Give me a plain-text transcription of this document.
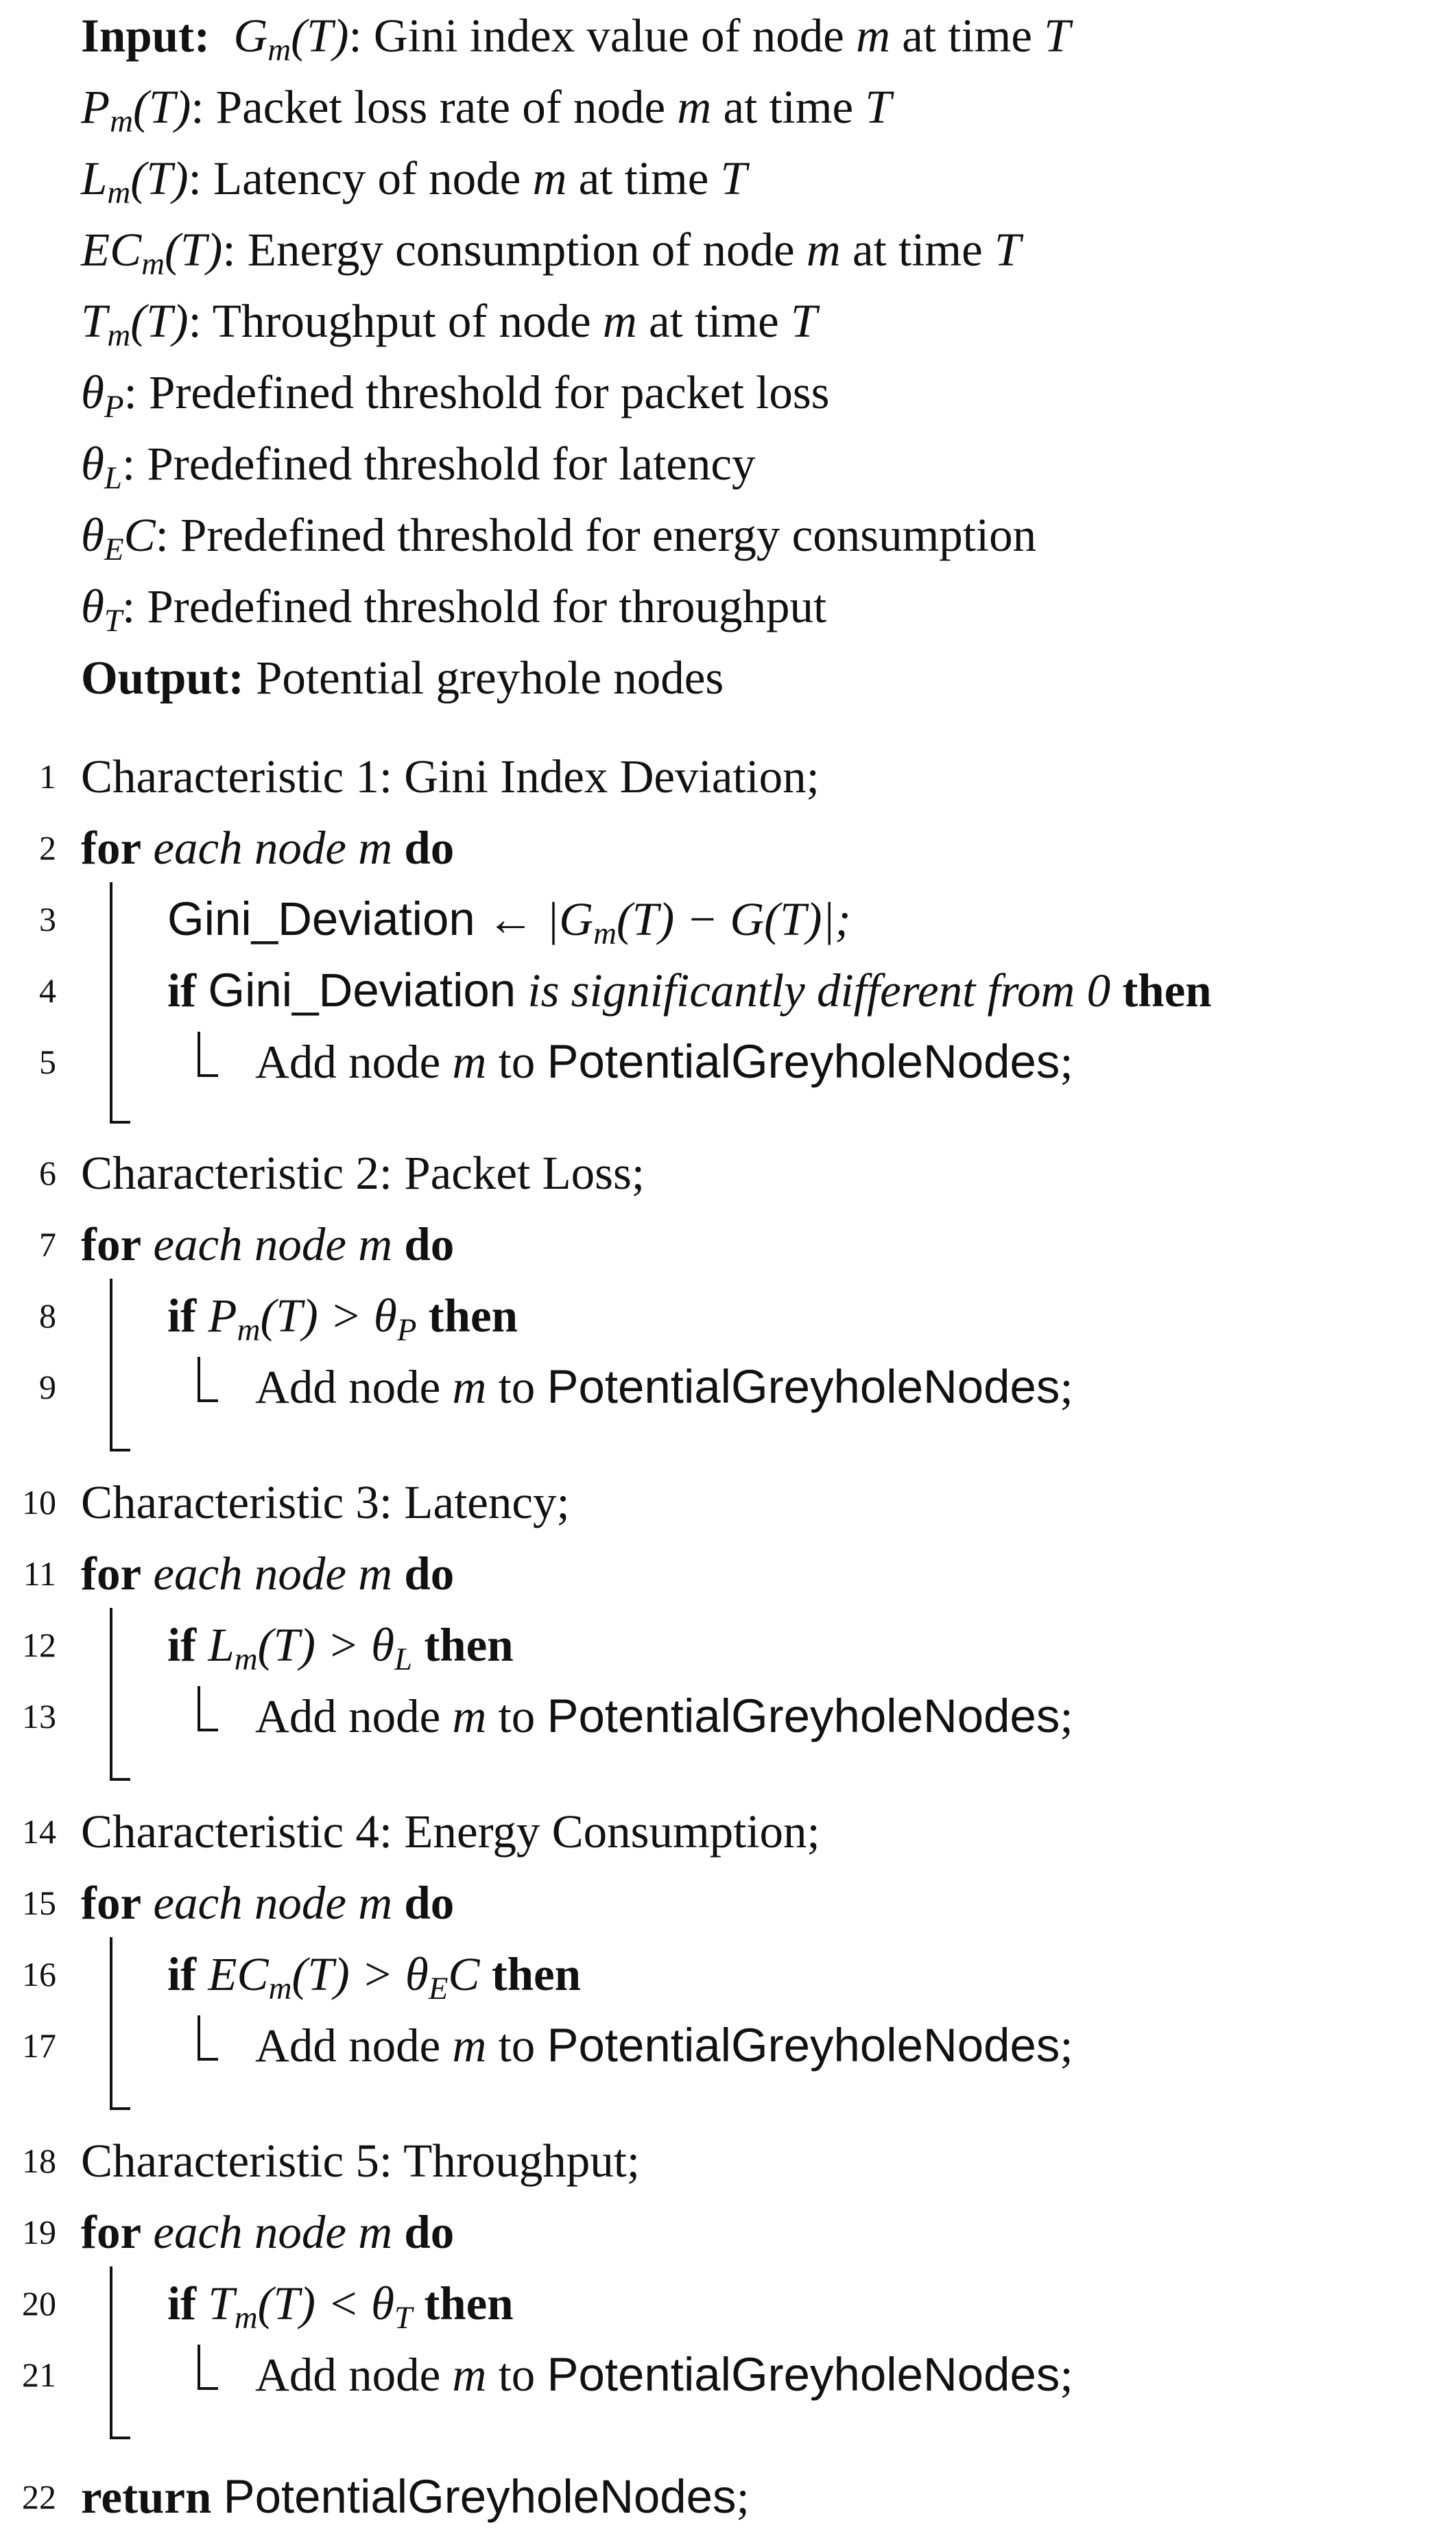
Input: $G_m(T)$: Gini index value of node m at time T
$P_m(T)$: Packet loss rate of node m at time T
$L_m(T)$: Latency of node m at time T
$EC_m(T)$: Energy consumption of node m at time T
$T_m(T)$: Throughput of node m at time T
$\theta_P$: Predefined threshold for packet loss
$\theta_L$: Predefined threshold for latency
$\theta_EC$: Predefined threshold for energy consumption
$\theta_T$: Predefined threshold for throughput
Output: Potential greyhole nodes
1 Characteristic 1: Gini Index Deviation;
2 for each node m do
3 Gini_Deviation ← $|G_m(T) - G(T)|$;
4 if Gini_Deviation is significantly different from 0 then
5	Add node m to PotentialGreyholeNodes;
6 Characteristic 2: Packet Loss;
7 for each node m do
8 if $P_m(T) > \theta_P$ then
9	Add node m to PotentialGreyholeNodes;
10 Characteristic 3: Latency;
11 for each node m do
12 if $L_m(T) > \theta_L$ then
13	Add node m to PotentialGreyholeNodes;
14 Characteristic 4: Energy Consumption;
15 for each node m do
16 if $EC_m(T) > \theta_EC$ then
17	Add node m to PotentialGreyholeNodes;
18 Characteristic 5: Throughput;
19 for each node m do
20 if $T_m(T) < \theta_T$ then
21	Add node m to PotentialGreyholeNodes;
22 return PotentialGreyholeNodes;
